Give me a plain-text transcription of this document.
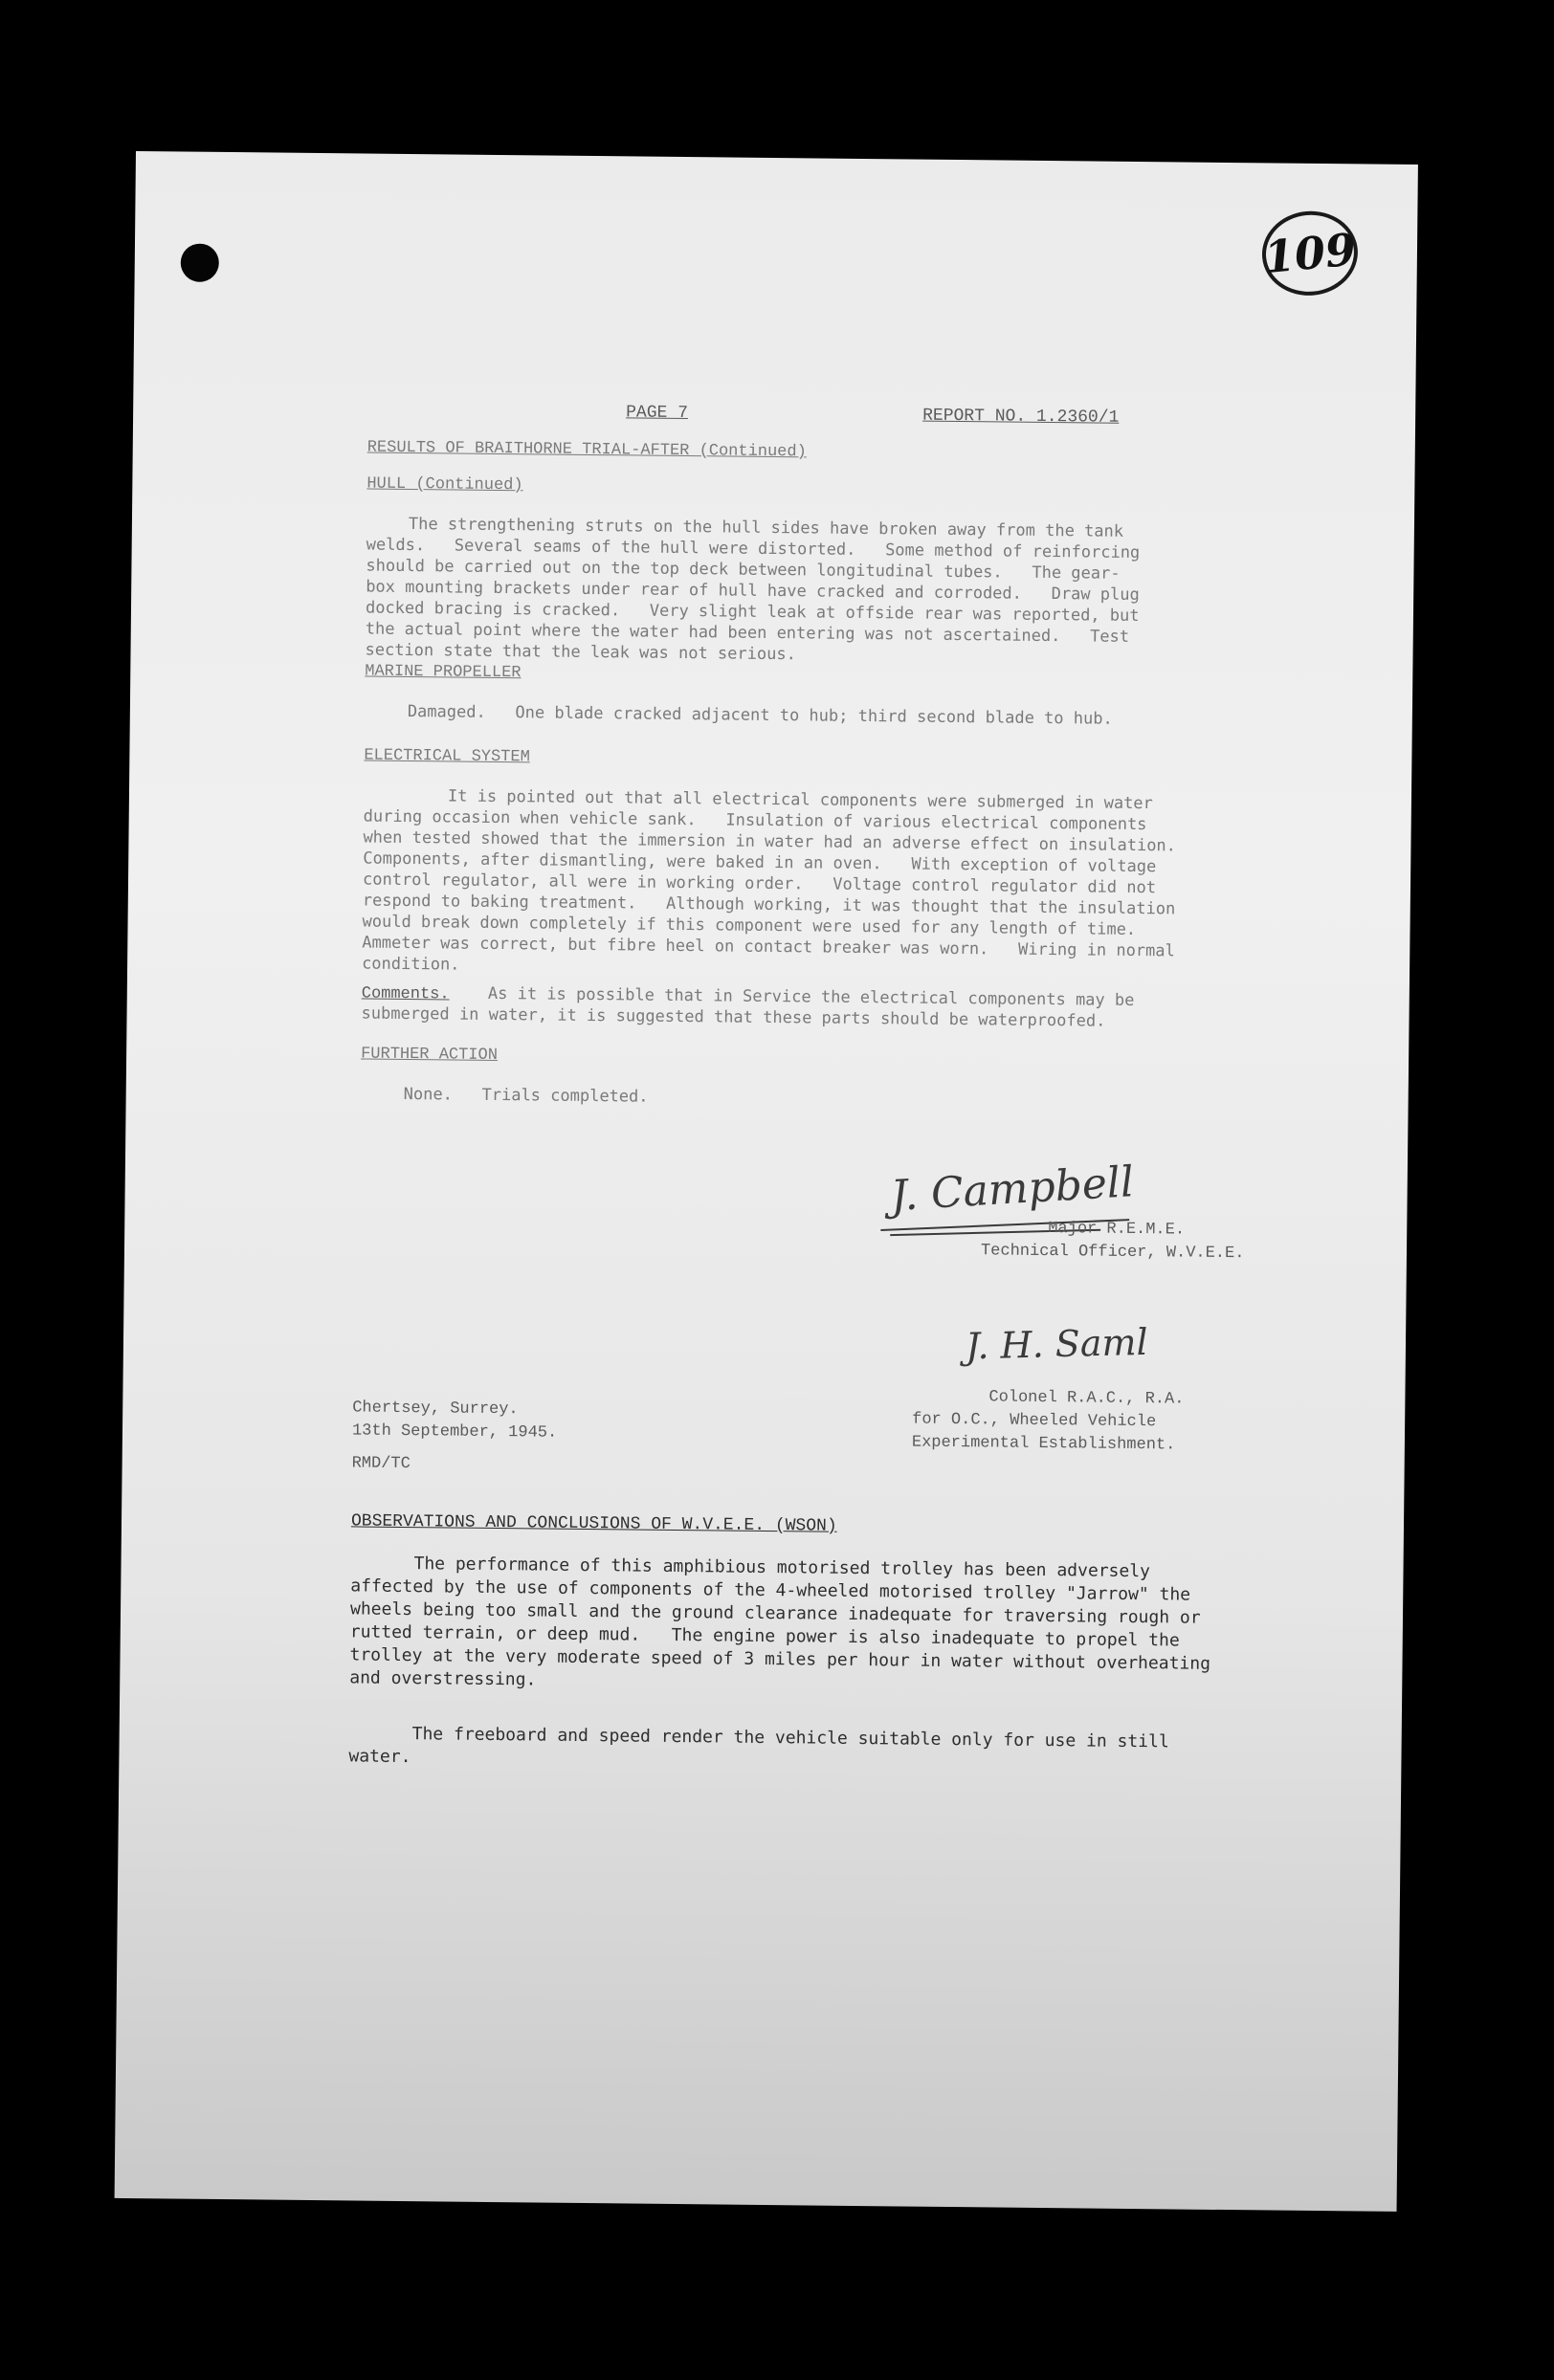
109
PAGE 7	REPORT NO. 1.2360/1
RESULTS OF BRAITHORNE TRIAL-AFTER (Continued)
HULL (Continued)
The strengthening struts on the hull sides have broken away from the tank
welds.   Several seams of the hull were distorted.   Some method of reinforcing
should be carried out on the top deck between longitudinal tubes.   The gear-
box mounting brackets under rear of hull have cracked and corroded.   Draw plug
docked bracing is cracked.   Very slight leak at offside rear was reported, but
the actual point where the water had been entering was not ascertained.   Test
section state that the leak was not serious.
MARINE PROPELLER
Damaged.   One blade cracked adjacent to hub; third second blade to hub.
ELECTRICAL SYSTEM
It is pointed out that all electrical components were submerged in water
during occasion when vehicle sank.   Insulation of various electrical components
when tested showed that the immersion in water had an adverse effect on insulation.
Components, after dismantling, were baked in an oven.   With exception of voltage
control regulator, all were in working order.   Voltage control regulator did not
respond to baking treatment.   Although working, it was thought that the insulation
would break down completely if this component were used for any length of time.
Ammeter was correct, but fibre heel on contact breaker was worn.   Wiring in normal
condition.
Comments.    As it is possible that in Service the electrical components may be
submerged in water, it is suggested that these parts should be waterproofed.
FURTHER ACTION
None.   Trials completed.
J. Campbell
Major R.E.M.E.
Technical Officer, W.V.E.E.
J. H. Saml
Colonel R.A.C., R.A.
for O.C., Wheeled Vehicle
Experimental Establishment.
Chertsey, Surrey.
13th September, 1945.
RMD/TC
OBSERVATIONS AND CONCLUSIONS OF W.V.E.E. (WSON)
The performance of this amphibious motorised trolley has been adversely
affected by the use of components of the 4-wheeled motorised trolley "Jarrow" the
wheels being too small and the ground clearance inadequate for traversing rough or
rutted terrain, or deep mud.   The engine power is also inadequate to propel the
trolley at the very moderate speed of 3 miles per hour in water without overheating
and overstressing.
The freeboard and speed render the vehicle suitable only for use in still
water.
